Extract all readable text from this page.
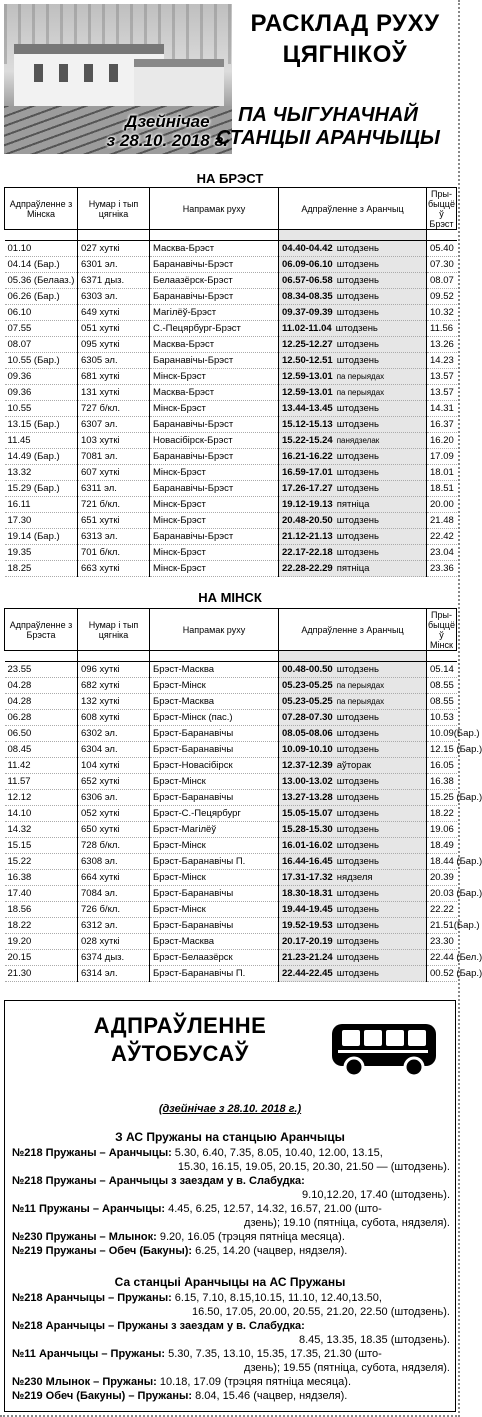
Дзейнічае
з 28.10. 2018 г.
РАСКЛАД РУХУ ЦЯГНІКОЎ
ПА ЧЫГУНАЧНАЙ СТАНЦЫІ АРАНЧЫЦЫ
НА БРЭСТ
Адпраўленне з Мінска	Нумар і тып цягніка	Напрамак руху	Адпраўленне з Аранчыц	Пры-быццё ў Брэст

01.10	027 хуткі	Масква-Брэст	04.40-04.42 штодзень	05.40
04.14 (Бар.)	6301 эл.	Баранавічы-Брэст	06.09-06.10 штодзень	07.30
05.36 (Белааз.)	6371 дыз.	Белаазёрск-Брэст	06.57-06.58 штодзень	08.07
06.26 (Бар.)	6303 эл.	Баранавічы-Брэст	08.34-08.35 штодзень	09.52
06.10	649 хуткі	Магілёў-Брэст	09.37-09.39 штодзень	10.32
07.55	051 хуткі	С.-Пецярбург-Брэст	11.02-11.04 штодзень	11.56
08.07	095 хуткі	Масква-Брэст	12.25-12.27 штодзень	13.26
10.55 (Бар.)	6305 эл.	Баранавічы-Брэст	12.50-12.51 штодзень	14.23
09.36	681 хуткі	Мінск-Брэст	12.59-13.01 па перыядах	13.57
09.36	131 хуткі	Масква-Брэст	12.59-13.01 па перыядах	13.57
10.55	727 б/кл.	Мінск-Брэст	13.44-13.45 штодзень	14.31
13.15 (Бар.)	6307 эл.	Баранавічы-Брэст	15.12-15.13 штодзень	16.37
11.45	103 хуткі	Новасібірск-Брэст	15.22-15.24 панядзелак	16.20
14.49 (Бар.)	7081 эл.	Баранавічы-Брэст	16.21-16.22 штодзень	17.09
13.32	607 хуткі	Мінск-Брэст	16.59-17.01 штодзень	18.01
15.29 (Бар.)	6311 эл.	Баранавічы-Брэст	17.26-17.27 штодзень	18.51
16.11	721 б/кл.	Мінск-Брэст	19.12-19.13 пятніца	20.00
17.30	651 хуткі	Мінск-Брэст	20.48-20.50 штодзень	21.48
19.14 (Бар.)	6313 эл.	Баранавічы-Брэст	21.12-21.13 штодзень	22.42
19.35	701 б/кл.	Мінск-Брэст	22.17-22.18 штодзень	23.04
18.25	663 хуткі	Мінск-Брэст	22.28-22.29 пятніца	23.36
НА МІНСК
Адпраўленне з Брэста	Нумар і тып цягніка	Напрамак руху	Адпраўленне з Аранчыц	Пры-быццё ў Мінск

23.55	096 хуткі	Брэст-Масква	00.48-00.50 штодзень	05.14
04.28	682 хуткі	Брэст-Мінск	05.23-05.25 па перыядах	08.55
04.28	132 хуткі	Брэст-Масква	05.23-05.25 па перыядах	08.55
06.28	608 хуткі	Брэст-Мінск (пас.)	07.28-07.30 штодзень	10.53
06.50	6302 эл.	Брэст-Баранавічы	08.05-08.06 штодзень	10.09(Бар.)
08.45	6304 эл.	Брэст-Баранавічы	10.09-10.10 штодзень	12.15 (Бар.)
11.42	104 хуткі	Брэст-Новасібірск	12.37-12.39 аўторак	16.05
11.57	652 хуткі	Брэст-Мінск	13.00-13.02 штодзень	16.38
12.12	6306 эл.	Брэст-Баранавічы	13.27-13.28 штодзень	15.25 (Бар.)
14.10	052 хуткі	Брэст-С.-Пецярбург	15.05-15.07 штодзень	18.22
14.32	650 хуткі	Брэст-Магілёў	15.28-15.30 штодзень	19.06
15.15	728 б/кл.	Брэст-Мінск	16.01-16.02 штодзень	18.49
15.22	6308 эл.	Брэст-Баранавічы П.	16.44-16.45 штодзень	18.44 (Бар.)
16.38	664 хуткі	Брэст-Мінск	17.31-17.32 нядзеля	20.39
17.40	7084 эл.	Брэст-Баранавічы	18.30-18.31 штодзень	20.03 (Бар.)
18.56	726 б/кл.	Брэст-Мінск	19.44-19.45 штодзень	22.22
18.22	6312 эл.	Брэст-Баранавічы	19.52-19.53 штодзень	21.51(Бар.)
19.20	028 хуткі	Брэст-Масква	20.17-20.19 штодзень	23.30
20.15	6374 дыз.	Брэст-Белаазёрск	21.23-21.24 штодзень	22.44 (Бел.)
21.30	6314 эл.	Брэст-Баранавічы П.	22.44-22.45 штодзень	00.52 (Бар.)
АДПРАЎЛЕННЕ
АЎТОБУСАЎ
(дзейнічае з 28.10. 2018 г.)
З АС Пружаны на станцыю Аранчыцы
№218 Пружаны – Аранчыцы: 5.30, 6.40, 7.35, 8.05, 10.40, 12.00, 13.15,
15.30, 16.15, 19.05, 20.15, 20.30, 21.50 — (штодзень).
№218 Пружаны – Аранчыцы з заездам у в. Слабудка:
9.10,12.20, 17.40 (штодзень).
№11 Пружаны – Аранчыцы: 4.45, 6.25, 12.57, 14.32, 16.57, 21.00 (што-
дзень); 19.10 (пятніца, субота, нядзеля).
№230 Пружаны – Млынок: 9.20, 16.05 (трэцяя пятніца месяца).
№219 Пружаны – Обеч (Бакуны): 6.25, 14.20 (чацвер, нядзеля).
Са станцыі Аранчыцы на АС Пружаны
№218 Аранчыцы – Пружаны: 6.15, 7.10, 8.15,10.15, 11.10, 12.40,13.50,
16.50, 17.05, 20.00, 20.55, 21.20, 22.50 (штодзень).
№218 Аранчыцы – Пружаны з заездам у в. Слабудка:
8.45, 13.35, 18.35 (штодзень).
№11 Аранчыцы – Пружаны: 5.30, 7.35, 13.10, 15.35, 17.35, 21.30 (што-
дзень); 19.55 (пятніца, субота, нядзеля).
№230 Млынок – Пружаны: 10.18, 17.09 (трэцяя пятніца месяца).
№219 Обеч (Бакуны) – Пружаны: 8.04, 15.46 (чацвер, нядзеля).
